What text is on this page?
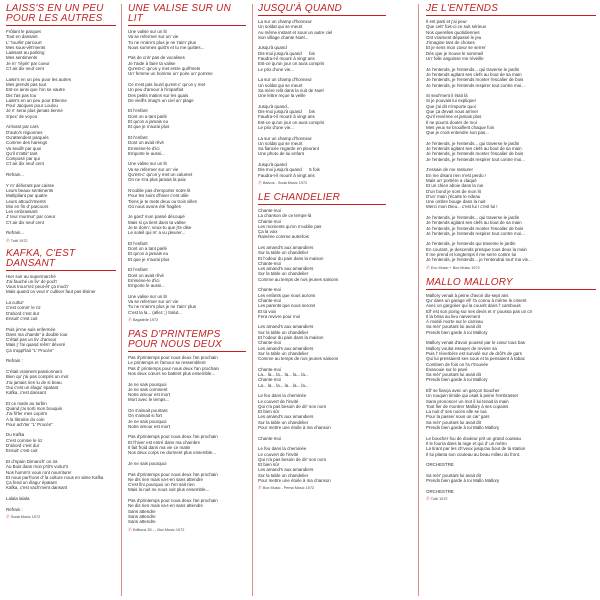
LAISS'S EN UN PEU POUR LES AUTRES
Frôlant le parquet
Tout en dansant
L' 'tourlis' parcourt
Mes sous-vêt'ments
Laissant au parking
Mes sentiments
Je m' 'répèt' par coeur
C't air dix neuf cent

Laiss's en un peu pour les autres
Mes prends pas tout
Est-ce ainsi que l'on se vautre
Dis t'as pas tou
Laiss's en un peu pour Etienne
Pour Jacques pour Loulou
Je n' serai plus jamais tienne
S'pec' de voyou

Arrivant par cars
D'auto's régionnes
Ou'attendent parqués
Comme des harengs
Va seuillr par quoi
Qu'il m'attir' tant
Composé par qui
C't air dix neuf cent

Refrain...

Y m' délivrant par caisse
Leurs beaux sentiments
Multipliant par quatre
Leurs attouch'ments
Moi en fin d' parcours
Les embrassant
J' teur murmur' par coeur
C't air dix neuf cent

Refrain...
Ⓟ Tutti 1972
KAFKA, C'EST DANSANT
Hier soir au supermarché
J'ai fauché un liv' de poch'
Vous trouv'rez peut-êt' ça moch'
Mais quand on veut s' cultiver faut pas lésiner

La cultur'
C'est comm' le riz
D'abord c'est dur
Ensuit' c'est cuit

Puis je'me suis enfermée
Dans ma chambr' à double tour
C'était pas un liv' d'amour
Mais j' l'ai quand mêm' dévoré
Ça s'appl'lait "L' Procès"

Refrain :

C'était vraiment passionnant
Bien qu' j'ai pas compris un mot
J'ai jamais rien lu de si beau
Oui c'est un élagu' épatant
Kafka, c'est dansant

Et ce matin au turbin
Quand j'ai sorti mon bouquin
J'ai fil'ler mes copin's
A la librairie du coin
Pour ach'ter "L' Procès"

Du Kafka
C'est comme le riz
D'abord c'est dur
Ensuit' c'est cuit

Et d'npain Dimanch' on ira
Au Bois dans mon p'tit's voitur's
Nos homm's vous ront nourriture!
Et nous parl'rons d' la culture nous en aime Kafka
Ça fend un élagu' épatant
Kafka, c'est vach'ment dansant

Lalala lalala

Refrain :
Ⓟ Soda Music 1972
UNE VALISE SUR UN LIT
Une valise sur un lit
Va se refermer sur un' vie
Tu ne m'aim's plus je ne t'aim' plus
Nous sommes quitt's et tu me quittes...

Pas de cris' pas de vocalises
Je t'aide à faire ta valise
Qu'est-c' qu'on y met entre quill'mets
Un' femme un homme un' poire un' pomme

Ce n'est pas lourd qu'est-c' qu'on y met
Un peu d'amour à l'imparfait
Des petits matins sur les quais
De vieill's imag's un ciel un' plage

Et l'enfant
Dont on a tant parlé
Et qu'on a jamais eu
Et que je n'aurai plus

Et l'enfant
Dont on avait rêvé
Emmène-le d'ici
Emporte le aussi...

Une valise sur un lit
Va se refermer sur un' vie
Qu'est-c' qu'on y met un calumet
On ne s'ra plus jamais la paix

N'oublie pas d'emporter notre lit
Pour les soirs d'hiver c'est utile
Tiens je te mets deux ou trois villes
Où nous avons été fragiles

Je gard' mon passé découpé
Mais si ça tient dans ta valise
Je te donn', veux-tu que j'te dise
Le soleil qui m' a vu pleurer...

Et l'enfant
Dont on a tant parlé
Et qu'on a jamais eu
Et que je n'aurai plus

Et l'enfant
Dont on avait rêvé
Emmène-le d'ici
Emporte le aussi...

Une valise sur un lit
Va se refermer sur un' vie
Tu ne m'aim's plus je ne t'aim' plus
C'est la la... (allez ;) Salut...
Ⓟ Bagatelle 1972
PAS D'PRINTEMPS POUR NOUS DEUX
Pas d'printemps pour nous deux l'an prochain
Le printemps et l'amour se ressemblent
Pas d' printemps pour nous deux l'an prochain
Nos deux cœurs ne battent plus ensemble...

Je ne sais pourquoi
Je ne sais comment
Notre amour est mort
Mort avec le temps...

On s'aimait pourtant
On s'aimait si fort
Je ne sais pourquoi
Notre amour est mort

Pas d'printemps pour nous deux l'an prochain
Et l'hiver est entré dans ma chambre
Il fait froid dans ma vie ce matin
Nos deux corps ne dorment plus ensemble...

Je ne sais pourquoi

Pas d'printemps pour nous deux l'an prochain
Ne dis rien mais va-t-en sans attendre
C'est fini pourquoi on t'en sait rien
Mais la nuit ne nous voit plus ensemble...

Pas d'printemps pour nous deux l'an prochain
Ne dis rien mais va-t-en sans attendre
Sans attendre
Sans attendre
Sans attendre
Ⓟ Editions 35 - - Box Music 1972
JUSQU'À QUAND
La sur un champ d'honneur
Un soldat qui se meurt
Au même instant et sous un autre ciel
Son village chante Noël...

Jusqu'à quand
Dis-moi jusqu'à quand      bis
Faudra-t-il mourir à vingt ans
Est-ce qu'un jour on aura compris
Le prix d'une vie...

La sur un champ d'honneur
Un soldat qui se meurt
Sa mère relit dans la nuit de Noël
Une lettre reçue la veille

Jusqu'à quand...
Dis-moi jusqu'à quand      bis
Faudra-t-il mourir à vingt ans
Est-ce qu'un jour on aura compris
Le prix d'une vie...

La sur un champ d'honneur
Un soldat qui se meurt
Sa fiancée regarde en pleurant
Une photo de lui enfant

Jusqu'à quand
Dis-moi jusqu'à quand      5 fois
Faudra-t-il mourir à vingt ans
Ⓟ Batvos - Soda Music 1972
LE CHANDELIER
Chante-moi
La chanson de ce temps-là
Chante-moi
Les moments qu'on n'oublie pas
Ça la voix
Ramène comme autrefois

Les amand's aux amandiers
Sur la table un chandelier
Et l'odeur du pain dans la maison
Chante-moi
Les amand's aux amandiers
Sur la table un chandelier
Comme au temps de nos jeunes saisons

Chante-moi
Les enfants que nous aurons
Chante-moi
Les parents que nous serons
Et ta voix
Fera revivre pour moi

Les amand's aux amandiers
Sur la table un chandelier
Et l'odeur du pain dans la maison
Chante-moi
Les amand's aux amandiers
Sur la table un chandelier
Comme au temps de nos jeunes saisons

Chante-moi
La... la... la... la... la... la...
Chante-moi
La... la... la... la... la... la...

Le feu dans la cheminée
Le couvert de l'invité
Qui n'a pas besoin de dir' son nom
Et bien sûr
Les amand's aux amandiers
Sur la table un chandelier
Pour mettre une étoile à ma chanson

Chante-moi

Le feu dans la cheminée
Le couvert de l'invité
Qui n'a pas besoin de dir' son nom
Et bien sûr
Les amand's aux amandiers
Sur la table un chandelier
Pour mettre une étoile à ma chanson
Ⓟ Box Music - Pema Music 1972
JE L'ENTENDS
Il est parti et j'ai peur
Que cett' fois-ci ce soit sérieux
Nos querelles quotidiennes
Ont vraiment dépassé le jeu
J'imagine tant de choses
Et je sens mon cœur se serrer
Dès que je trouve le sommeil
Un' folle angoisse me réveille

Je l'entends, je l'entends... qui traverse le jardin
Je l'entends agitant ses clefs au bout de sa main
Je l'entends, je l'entends monter l'escalier de bois
Je l'entends, je l'entends respirer tout contre moi...

Si seul'ment il était là
Si je pouvais lui expliquer
Que j'ai dit n'importe quoi
Que ça devait nous arriver
Qu'il reviénne et jamais plus
Il ne pourra douter de moi
Mes yeux se brouillent chaque fois
Que je crois entendre son pas...

Je l'entends, je l'entends... qui traverse le jardin
Je l'entends agitant ses clefs au bout de sa main
Je l'entends, je l'entends monter l'escalier de bois
Je l'entends, je l'entends respirer tout contre moi...

J'essaie de me rassurer
En me disant rien n'est perdu !
Mais un' portière a claqué
Et un chien aboie dans la rue
D'un bond je sors de mon lit
D'un' main j'écarte le rideau
Une ombre bouge dans la nuit
Merci mon Dieu... c'est lui ! c'est lui !

Je l'entends, je l'entends... qui traverse le jardin
Je l'entends agitant ses clefs au bout de sa main
Je l'entends, je l'entends monter l'escalier de bois
Je l'entends, je l'entends respirer tout contre moi...

Je l'entends, je l'entends qui traverse le jardin
En courant, je descends presque tous deux la main
Il me prend et longtemps il me serre contre lui
Je l'entends, je l'entends... je l'entendrai tout' ma vie...
Ⓟ Eco Music + Box Music 1972
MALLO MALLORY
Mallory venait à peine d'avoir dix-sept ans
Qu' dans un garage ell' l'a connu à même le ciment
Avec un gargolier qui la couvrit dans l' cambouis
Ell' est son poing sur ses devis et n' poussa pas un cri
Il la brisa au lieu naïvement
À moitié morte sur le carreau
Sa mèr' pourtant lui avait dit
Prends bien garde à toi Mallory

Mallory venait d'avoir poussé par le cœur tous bas
Mallory voulut essayer de revivre sa
Puis l' réverbère est survolé sur de drôl's de gars
Qui lui pressaient ses sous et la pensaient à tabac
Combien de fois on l'a r'trouvée
Évanouie sur le pavé
Sa mèr' pourtant lui avait dit
Prends bien garde à toi Mallory

Ell' se fiança avec un garçon boucher
Un rouquin timide qui osait à peine l'embrasser
Sans prononcer un mot il lui tenait la main
Tout fier de montrer Mallory à ses copains
La nuit d' ses noces elle se tua
Pour la passer sous un car' gars
Sa mèr' pourtant lui avait dit
Prends bien garde à toi Mallo Mallory

Le boucher fou de douleur prit un grand couteau
Il le fourra dans la rage et qui d' un métro
La tirant par les ch'veux jusqu'au bout de la station
Il lui planta son couteau au beau milieu du front.

ORCHESTRE

Sa mèr' pourtant lui avait dit
Prends bien garde à toi Mallo Mallory

ORCHESTRE
Ⓟ Tutti 1972
